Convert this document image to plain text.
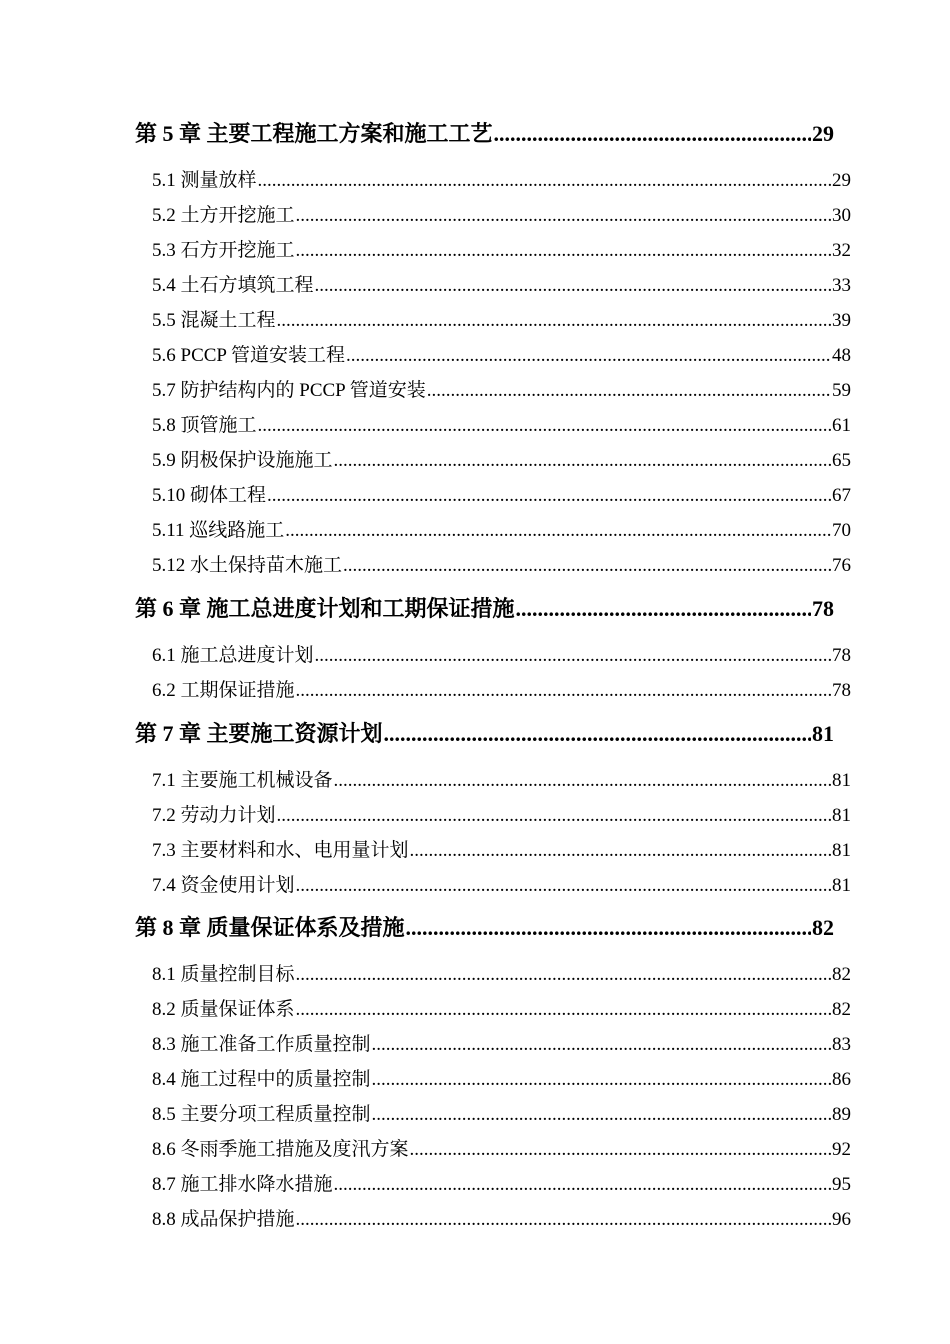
第 5 章 主要工程施工方案和施工工艺 .....	29
5.1 测量放样 .....	29
5.2 土方开挖施工 .....	30
5.3 石方开挖施工 .....	32
5.4 土石方填筑工程 .....	33
5.5 混凝土工程 .....	39
5.6 PCCP 管道安装工程 .....	48
5.7 防护结构内的 PCCP 管道安装 .....	59
5.8 顶管施工 .....	61
5.9 阴极保护设施施工 .....	65
5.10 砌体工程 .....	67
5.11 巡线路施工 .....	70
5.12 水土保持苗木施工 .....	76
第 6 章 施工总进度计划和工期保证措施 .....	78
6.1 施工总进度计划 .....	78
6.2 工期保证措施 .....	78
第 7 章 主要施工资源计划 .....	81
7.1 主要施工机械设备 .....	81
7.2 劳动力计划 .....	81
7.3 主要材料和水、电用量计划 .....	81
7.4 资金使用计划 .....	81
第 8 章 质量保证体系及措施 .....	82
8.1 质量控制目标 .....	82
8.2 质量保证体系 .....	82
8.3 施工准备工作质量控制 .....	83
8.4 施工过程中的质量控制 .....	86
8.5 主要分项工程质量控制 .....	89
8.6 冬雨季施工措施及度汛方案 .....	92
8.7 施工排水降水措施 .....	95
8.8 成品保护措施 .....	96
